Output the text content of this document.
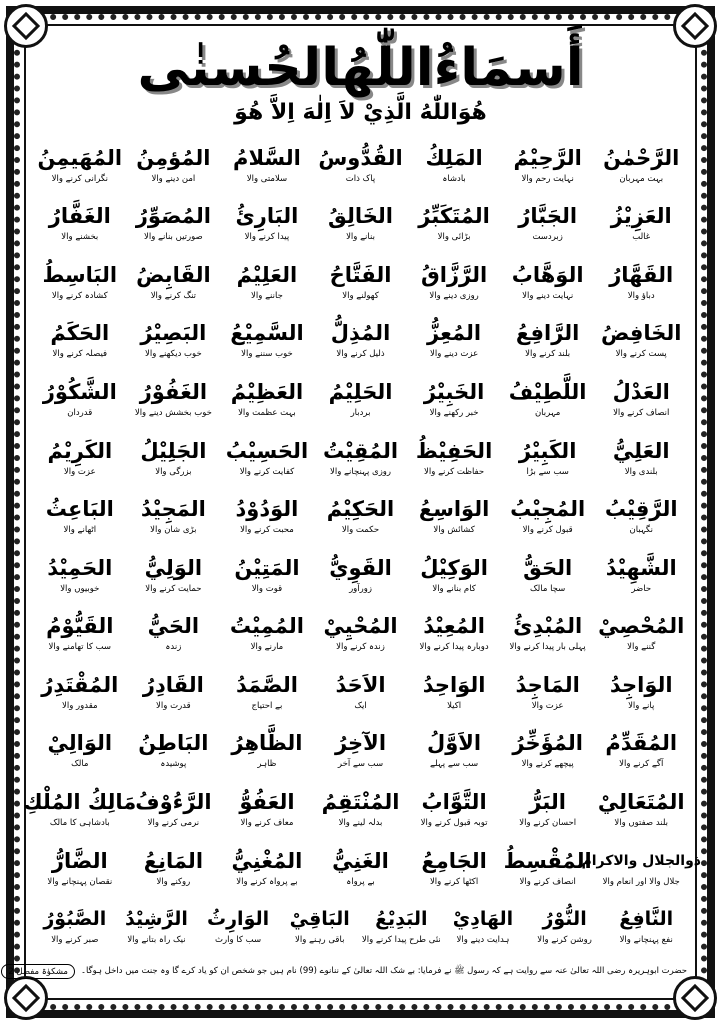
أَسمَاءُاللّٰهُالحُسنٰی
هُوَاللّٰهُ الَّذِيْ لاَ اِلٰهَ اِلاَّ هُوَ
الرَّحْمٰنُ
بہت مہربان
الرَّحِيْمُ
نہایت رحم والا
المَلِكُ
بادشاہ
القُدُّوسُ
پاک ذات
السَّلامُ
سلامتی والا
المُؤمِنُ
امن دینے والا
المُهَيمِنُ
نگرانی کرنے والا
العَزِيْزُ
غالب
الجَبَّارُ
زبردست
المُتَكَبِّرُ
بڑائی والا
الخَالِقُ
بنانے والا
البَارِئُ
پیدا کرنے والا
المُصَوِّرُ
صورتیں بنانے والا
الغَفَّارُ
بخشنے والا
القَهَّارُ
دباؤ والا
الوَهَّابُ
نہایت دینے والا
الرَّزَّاقُ
روزی دینے والا
الفَتَّاحُ
کھولنے والا
العَلِيْمُ
جاننے والا
القَابِضُ
تنگ کرنے والا
البَاسِطُ
کشادہ کرنے والا
الخَافِضُ
پست کرنے والا
الرَّافِعُ
بلند کرنے والا
المُعِزُّ
عزت دینے والا
المُذِلُّ
ذلیل کرنے والا
السَّمِيْعُ
خوب سننے والا
البَصِيْرُ
خوب دیکھنے والا
الحَكَمُ
فیصلہ کرنے والا
العَدْلُ
انصاف کرنے والا
اللَّطِيْفُ
مہربان
الخَبِيْرُ
خبر رکھنے والا
الحَلِيْمُ
بردبار
العَظِيْمُ
بہت عظمت والا
الغَفُوْرُ
خوب بخشش دینے والا
الشَّكُوْرُ
قدردان
العَلِيُّ
بلندی والا
الكَبِيْرُ
سب سے بڑا
الحَفِيْظُ
حفاظت کرنے والا
المُقِيْتُ
روزی پہنچانے والا
الحَسِيْبُ
کفایت کرنے والا
الجَلِيْلُ
بزرگی والا
الكَرِيْمُ
عزت والا
الرَّقِيْبُ
نگہبان
المُجِيْبُ
قبول کرنے والا
الوَاسِعُ
کشائش والا
الحَكِيْمُ
حکمت والا
الوَدُوْدُ
محبت کرنے والا
المَجِيْدُ
بڑی شان والا
البَاعِثُ
اٹھانے والا
الشَّهِيْدُ
حاضر
الحَقُّ
سچا مالک
الوَكِيْلُ
کام بنانے والا
القَوِيُّ
زورآور
المَتِيْنُ
قوت والا
الوَلِيُّ
حمایت کرنے والا
الحَمِيْدُ
خوبیوں والا
المُحْصِيْ
گننے والا
المُبْدِئُ
پہلی بار پیدا کرنے والا
المُعِيْدُ
دوبارہ پیدا کرنے والا
المُحْيِيْ
زندہ کرنے والا
المُمِيْتُ
مارنے والا
الحَيُّ
زندہ
القَيُّوْمُ
سب کا تھامنے والا
الوَاجِدُ
پانے والا
المَاجِدُ
عزت والا
الوَاحِدُ
اکیلا
الاَحَدُ
ایک
الصَّمَدُ
بے احتیاج
القَادِرُ
قدرت والا
المُقْتَدِرُ
مقدور والا
المُقَدِّمُ
آگے کرنے والا
المُؤَخِّرُ
پیچھے کرنے والا
الاَوَّلُ
سب سے پہلے
الآخِرُ
سب سے آخر
الظَّاهِرُ
ظاہر
البَاطِنُ
پوشیدہ
الوَالِيْ
مالک
المُتَعَالِيْ
بلند صفتوں والا
البَرُّ
احسان کرنے والا
التَّوَّابُ
توبہ قبول کرنے والا
المُنْتَقِمُ
بدلہ لینے والا
العَفُوُّ
معاف کرنے والا
الرَّءُوْفُ
نرمی کرنے والا
مَالِكُ المُلْكِ
بادشاہی کا مالک
ذوالجلال والاکرام
جلال والا اور انعام والا
المُقْسِطُ
انصاف کرنے والا
الجَامِعُ
اکٹھا کرنے والا
الغَنِيُّ
بے پرواہ
المُغْنِيُّ
بے پرواہ کرنے والا
المَانِعُ
روکنے والا
الضَّارُّ
نقصان پہنچانے والا
النَّافِعُ
نفع پہنچانے والا
النُّوْرُ
روشن کرنے والا
الهَادِيْ
ہدایت دینے والا
البَدِيْعُ
نئی طرح پیدا کرنے والا
البَاقِيْ
باقی رہنے والا
الوَارِثُ
سب کا وارث
الرَّشِيْدُ
نیک راہ بتانے والا
الصَّبُوْرُ
صبر کرنے والا
حضرت ابوہریرہ رضی اللہ تعالیٰ عنہ سے روایت ہے کہ رسول ﷺ نے فرمایا: بے شک اللہ تعالیٰ کے ننانوے (99) نام ہیں جو شخص ان کو یاد کرے گا وہ جنت میں داخل ہوگا۔
مشکوٰۃ مفصل 2
